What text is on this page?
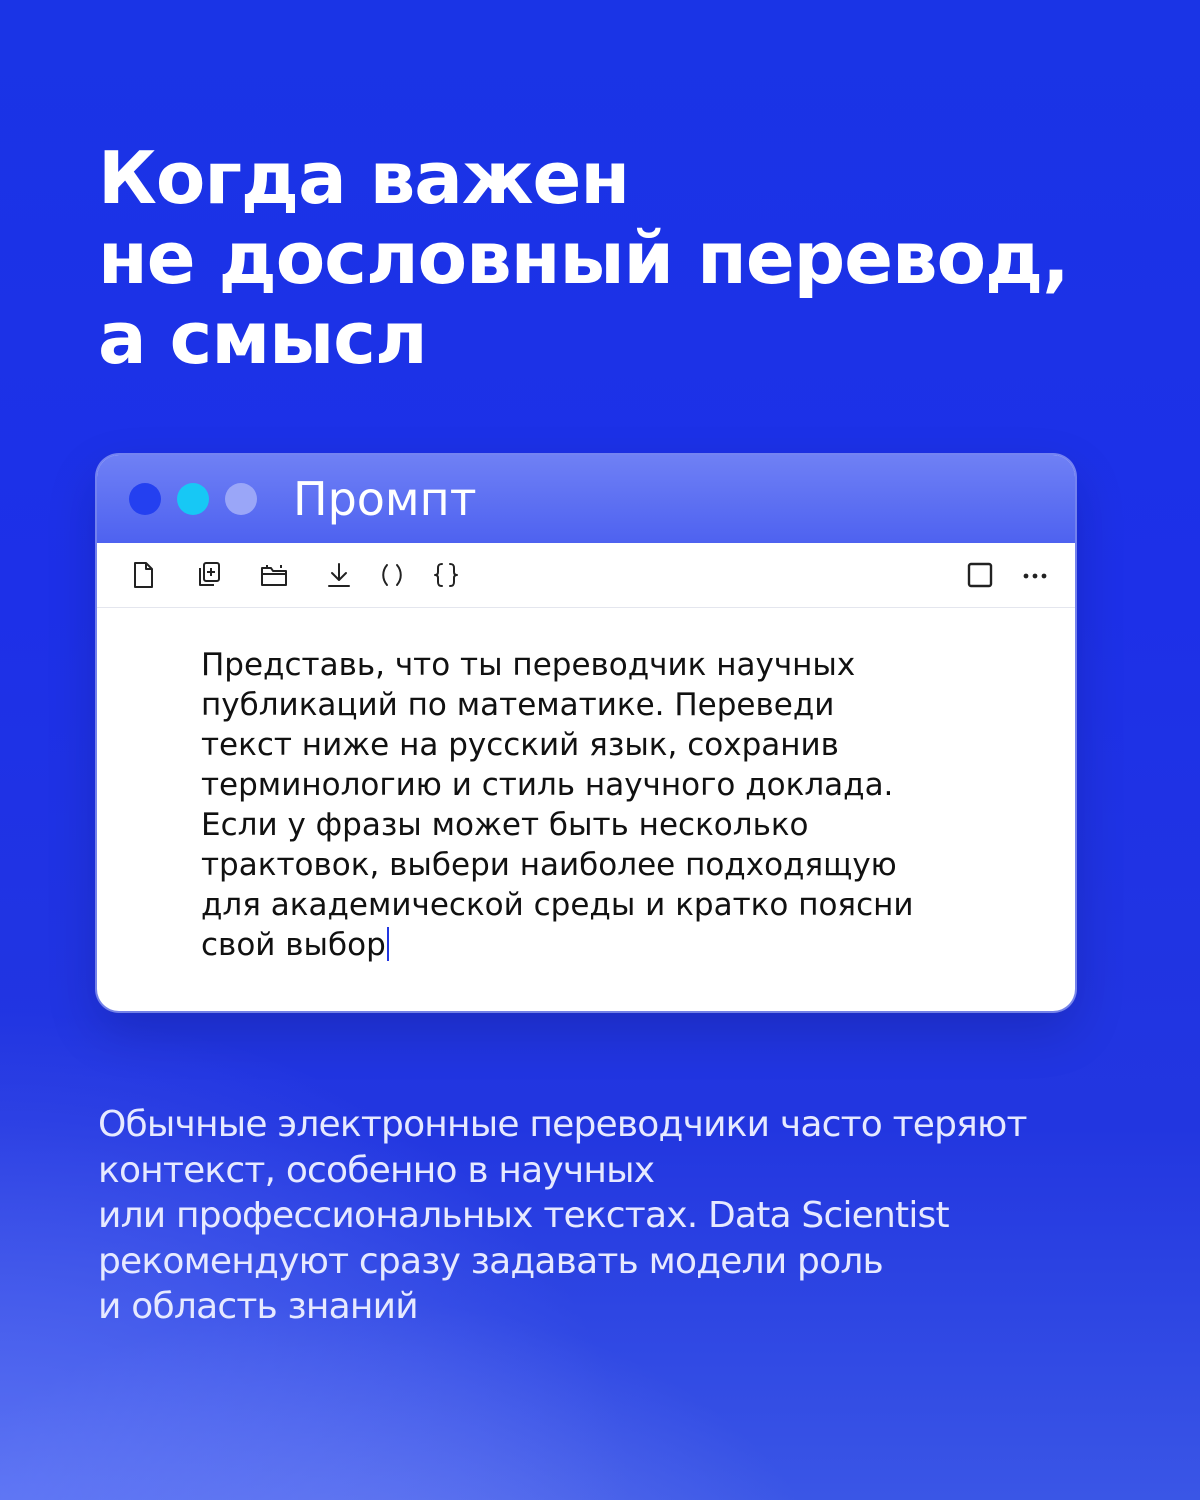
Когда важен
не дословный перевод,
а смысл
Промпт
Представь, что ты переводчик научных
публикаций по математике. Переведи
текст ниже на русский язык, сохранив
терминологию и стиль научного доклада.
Если у фразы может быть несколько
трактовок, выбери наиболее подходящую
для академической среды и кратко поясни
свой выбор
Обычные электронные переводчики часто теряют
контекст, особенно в научных
или профессиональных текстах. Data Scientist
рекомендуют сразу задавать модели роль
и область знаний
